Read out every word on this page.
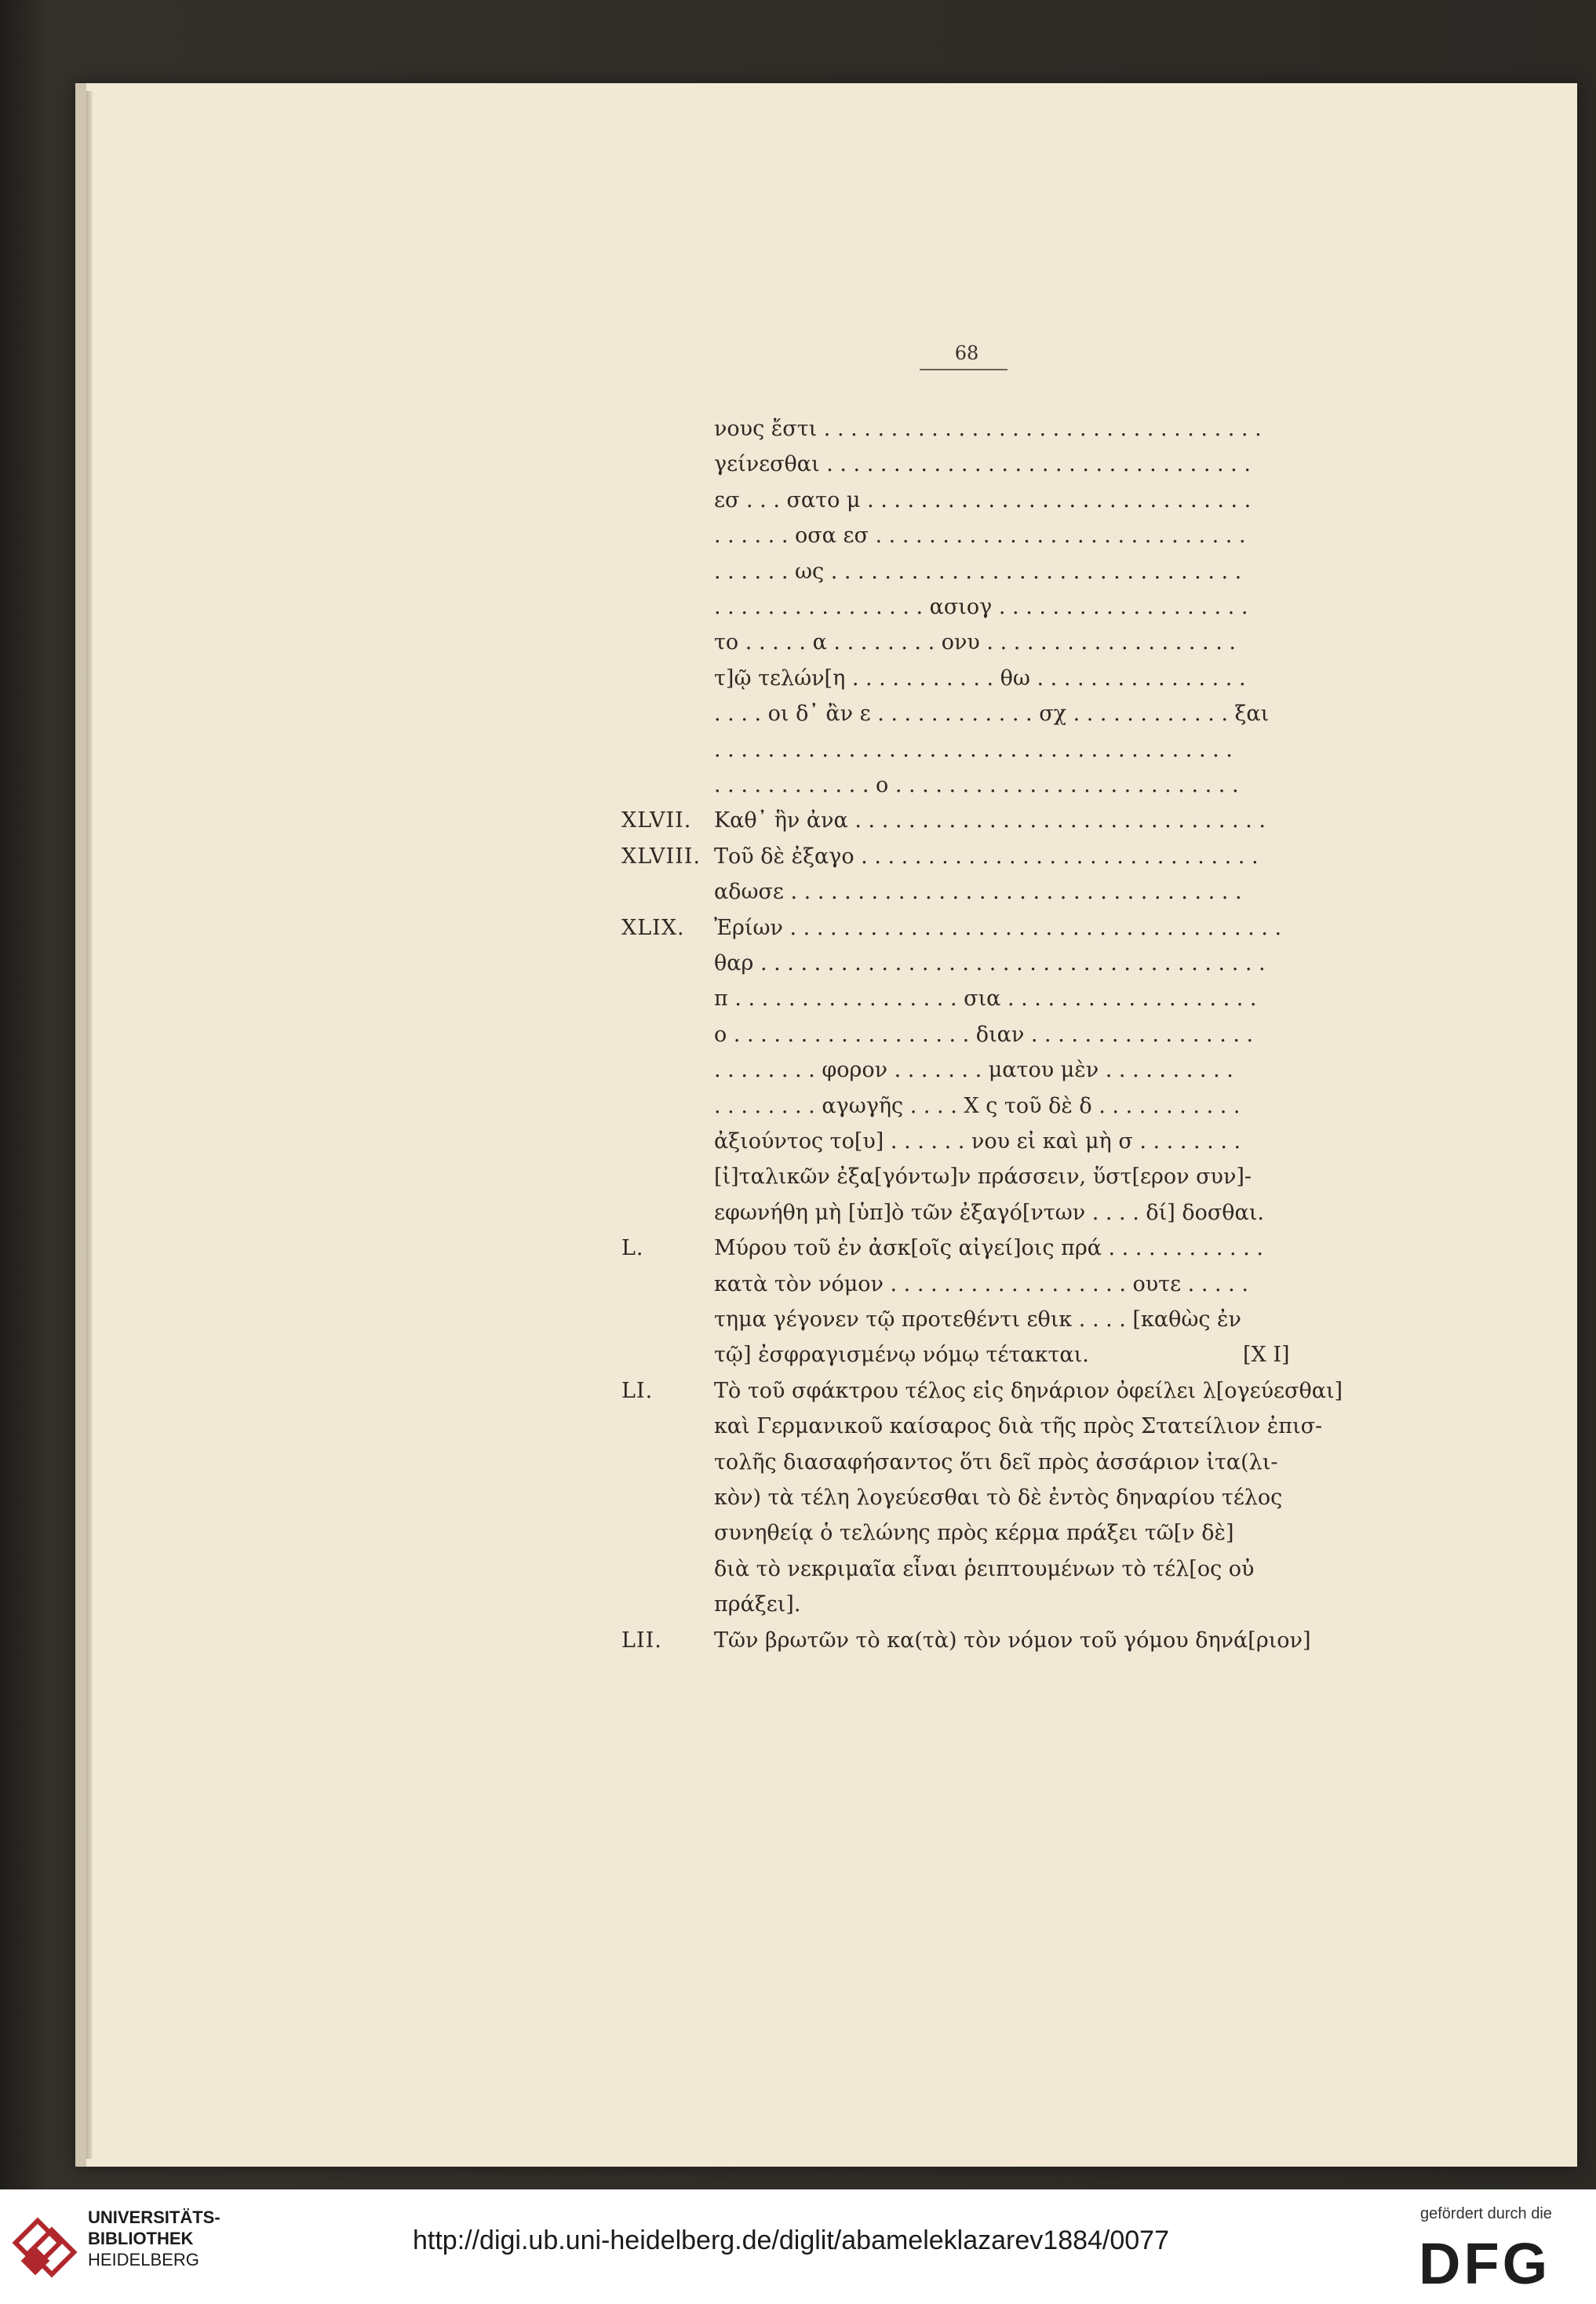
68
νους ἔστι . . . . . . . . . . . . . . . . . . . . . . . . . . . . . . . . .
γείνεσθαι . . . . . . . . . . . . . . . . . . . . . . . . . . . . . . . .
εσ . . . σατο μ . . . . . . . . . . . . . . . . . . . . . . . . . . . . .
. . . . . . οσα εσ . . . . . . . . . . . . . . . . . . . . . . . . . . . .
. . . . . . ως . . . . . . . . . . . . . . . . . . . . . . . . . . . . . . .
. . . . . . . . . . . . . . . . ασιογ . . . . . . . . . . . . . . . . . . .
το . . . . . α . . . . . . . . ονυ . . . . . . . . . . . . . . . . . . .
τ]ῷ τελών[η . . . . . . . . . . . θω . . . . . . . . . . . . . . . .
. . . . οι δ᾽ ἂν ε . . . . . . . . . . . . σχ . . . . . . . . . . . . ξαι
. . . . . . . . . . . . . . . . . . . . . . . . . . . . . . . . . . . . . . .
. . . . . . . . . . . . ο . . . . . . . . . . . . . . . . . . . . . . . . . .
XLVII. Καθ᾽ ἣν ἀνα . . . . . . . . . . . . . . . . . . . . . . . . . . . . . . .
XLVIII. Τοῦ δὲ ἐξαγο . . . . . . . . . . . . . . . . . . . . . . . . . . . . . .
αδωσε . . . . . . . . . . . . . . . . . . . . . . . . . . . . . . . . . .
XLIX. Ἐρίων . . . . . . . . . . . . . . . . . . . . . . . . . . . . . . . . . . . . .
θαρ . . . . . . . . . . . . . . . . . . . . . . . . . . . . . . . . . . . . . .
π . . . . . . . . . . . . . . . . . σια . . . . . . . . . . . . . . . . . . .
ο . . . . . . . . . . . . . . . . . . διαν . . . . . . . . . . . . . . . . .
. . . . . . . . φορον . . . . . . . ματου μὲν . . . . . . . . . .
. . . . . . . . αγωγῆς . . . . X ς τοῦ δὲ δ . . . . . . . . . . .
ἀξιούντος το[υ] . . . . . . νου εἰ καὶ μὴ σ . . . . . . . .
[ἰ]ταλικῶν ἐξα[γόντω]ν πράσσειν, ὕστ[ερον συν]-
εφωνήθη μὴ [ὑπ]ὸ τῶν ἐξαγό[ντων . . . . δί] δοσθαι.
L.	Μύρου τοῦ ἐν ἀσκ[οῖς αἰγεί]οις πρά . . . . . . . . . . . .
κατὰ τὸν νόμον . . . . . . . . . . . . . . . . . . ουτε . . . . .
τημα γέγονεν τῷ προτεθέντι εθικ . . . . [καθὼς ἐν
τῷ] ἐσφραγισμένῳ νόμῳ τέτακται.	[X I]
LI.	Τὸ τοῦ σφάκτρου τέλος εἰς δηνάριον ὀφείλει λ[ογεύεσθαι]
καὶ Γερμανικοῦ καίσαρος διὰ τῆς πρὸς Στατείλιον ἐπισ-
τολῆς διασαφήσαντος ὅτι δεῖ πρὸς ἀσσάριον ἰτα(λι-
κὸν) τὰ τέλη λογεύεσθαι τὸ δὲ ἐντὸς δηναρίου τέλος
συνηθείᾳ ὁ τελώνης πρὸς κέρμα πράξει τῶ[ν δὲ]
διὰ τὸ νεκριμαῖα εἶναι ῥειπτουμένων τὸ τέλ[ος οὐ
πράξει].
LII. Τῶν βρωτῶν τὸ κα(τὰ) τὸν νόμον τοῦ γόμου δηνά[ριον]
UNIVERSITÄTS-
BIBLIOTHEK
HEIDELBERG
http://digi.ub.uni-heidelberg.de/diglit/abameleklazarev1884/0077
gefördert durch die
DFG
